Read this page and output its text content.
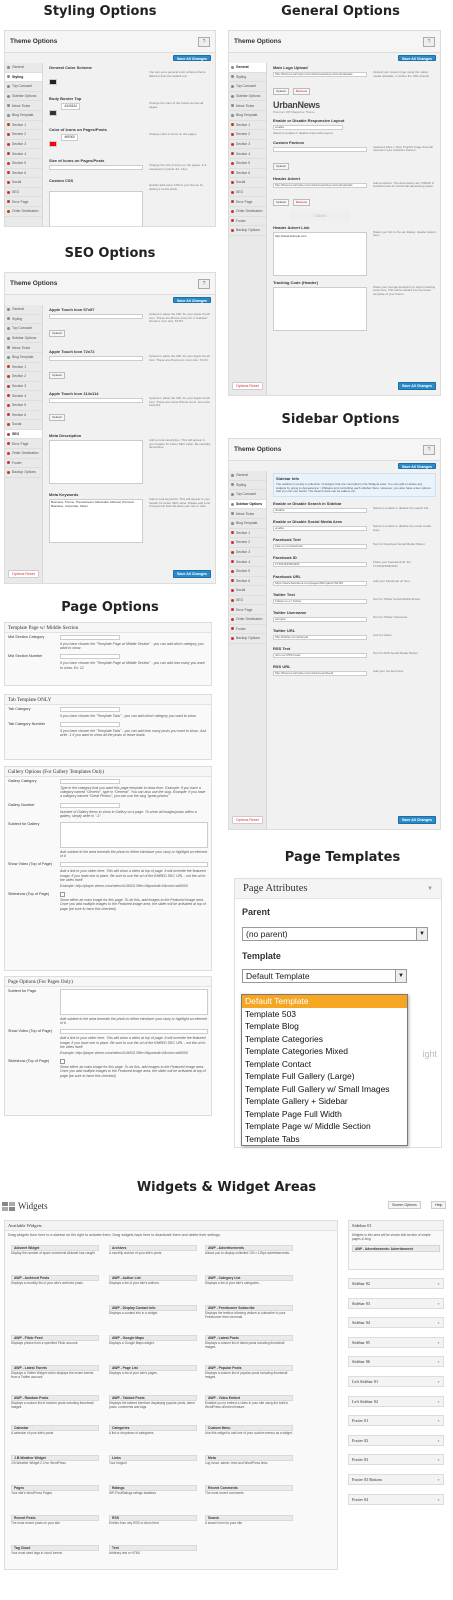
Styling Options	General Options
SEO Options
Sidebar Options
Page Options
Page Templates
Widgets & Widget Areas
Theme Options	?
Save All Changes
General
Styling
Top Carousel
Sidebar Options
News Ticker
Blog Template
Section 1
Section 2
Section 3
Section 4
Section 5
Section 6
Social
SEO
Error Page
Order Destination
General Color Scheme
You can set a general color scheme that is different than the default red.
Body Border Top
#343434
Change the color of the border across all pages.
Color of Icons on Pages/Posts
#ff0000
Change color of icons on the pages.
Size of Icons on Pages/Posts
Change the size of icons on the pages. It is measured in pixels. Ex: 12px
Custom CSS
Quickly add some CSS to your theme by adding it to this block.
Theme Options	?
Save All Changes
General
Styling
Top Carousel
Sidebar Options
News Ticker
Blog Template
Section 1
Section 2
Section 3
Section 4
Section 5
Section 6
Social
SEO
Error Page
Order Destination
Footer
Backup Options
Main Logo Upload
http://themes.strimple.com/urbannews/wp-content/uploads
Upload	Remove
UrbanNews
Premium WP Magazine Theme
Upload your custom logo using the native media uploader, or define the URL directly.
Enable or Disable Responsive Layout
enable
Select to enable or disable responsive layout.
Custom Favicon
Upload
Upload a 16px x 16px Png/Gif image that will represent your website's favicon.
Header Advert
http://themes.strimple.com/urbannews/wp-content/uploads
Upload	Remove
728x90
Add an Advert. The dimensions are 728x90. A standard size for horizontal advertising areas.
Header Advert Link
http://www.strimple.com
Paste your link to the ad display. Header advert here.
Tracking Code (Header)
Paste your Google Analytics (or other) tracking code here. This will be added into the footer template of your theme.
Options Reset	Save All Changes
Theme Options	?
Save All Changes
General
Styling
Top Carousel
Sidebar Options
News Ticker
Blog Template
Section 1
Section 2
Section 3
Section 4
Section 5
Section 6
Social
SEO
Error Page
Order Destination
Footer
Backup Options
Apple Touch Icon 57x57
Upload
Upload or paste the URL for your Apple Touch Icon. These are iPhone icons for a "website" shortcut. Icon size: 57x57.
Apple Touch Icon 72x72
Upload
Upload or paste the URL for your Apple Touch Icon. These are iPad icons. Icon size: 72x72.
Apple Touch Icon 114x114
Upload
Upload or paste the URL for your Apple Touch Icon. These are retina iPhone icons. Icon size: 114x114.
Meta Description
Add a meta description. This will appear in your header for better SEO value. Be carefully descriptive.
Meta Keywords
Business, Theme, ThemeForest, Minimalist, Minimal, Premium Business, Corporate, Clean
Add a meta keywords. This will appear in your header for better SEO value. Please add a list of keywords that will allow your site to rank.
Options Reset	Save All Changes
Theme Options	?
Save All Changes
General
Styling
Top Carousel
Sidebar Options
News Ticker
Blog Template
Section 1
Section 2
Section 3
Section 4
Section 5
Section 6
Social
SEO
Error Page
Order Destination
Footer
Backup Options
Sidebar Info
The sidebar is mostly a collection of widgets that are controlled in the Widgets area. You can add or delete any widgets by going to Appearance > Widgets and controlling each sidebar there. However, you also have a few options that you can use below. The Search area can be added, etc.
Enable or Disable Search in Sidebar
disable	Select to enable or disable the search bar.
Enable or Disable Social Media Area
enable	Select to enable or disable the social media area.
Facebook Text
Like us on Facebook	Text for Facebook Social Media Sharer.
Facebook ID
174321153004231	Paste your Facebook ID. Ex: 174321153004231
Facebook URL
https://www.facebook.com/pages/Strimple/1742115	Add your Facebook url here.
Twitter Text
Follow us on Twitter	Text for Twitter Social Media Sharer.
Twitter Username
strimple	Text for Twitter Username.
Twitter URL
http://twitter.com/strimple	Link for twitter.
RSS Text
Join our RSS Feed	Text for RSS Social Media Sharer.
RSS URL
http://themes.strimple.com/urbannews/feed/	Add your rss feed here.
Options Reset	Save All Changes
Template Page w/ Middle Section
Mid Section Category
If you have chosen the "Template Page w/ Middle Section" - you can add which category you want to show.
Mid Section Number
If you have chosen the "Template Page w/ Middle Section" - you can add how many you want to show. Ex: 12
Tab Template ONLY
Tab Category
If you have chosen the "Template Tabs" - you can add which category you want to show.
Tab Category Number
If you have chosen the "Template Tabs" - you can add how many posts you want to show. Just write -1 if you want to show all the posts or leave blank.
Gallery Options (For Gallery Templates Only)
Gallery Category
Type in the category that you want this page template to draw from. Example: If you have a category named "Generic", type in "General". You can also use the slug. Example: If you have a category named "Great Photos", you can use the slug "great-photos"
Gallery Number
Number of Gallery items to show in Gallery on a page. To show all images/posts within a gallery, simply write in "-1".
Subtext for Gallery
Add subtext to the area beneath the photo to either introduce your story or highlight an element of it.
Show Video (Top of Page)
Add a link to your video here. This will show a video at top of page. It will override the featured image, if you have one in place. Be sure to use the url of the EMBED SRC URL - not the url to the video itself.
Example: http://player.vimeo.com/video/41465317title=0&portrait=0&color=dd0000
Slideshow (Top of Page)
Show either an main image for this page. To do this, add images to the Featured Image area. Once you add multiple images to the Featured image area, the slider will be activated at top of page (be sure to have this checked).
Page Options (For Pages Only)
Subtext for Page
Add subtext to the area beneath the photo to either introduce your story or highlight an element of it.
Show Video (Top of Page)
Add a link to your video here. This will show a video at top of page. It will override the featured image, if you have one in place. Be sure to use the url of the EMBED SRC URL - not the url to the video itself.
Example: http://player.vimeo.com/video/41465317title=0&portrait=0&color=dd0000
Slideshow (Top of Page)
Show either an main image for this page. To do this, add images to the Featured Image area. Once you add multiple images to the Featured image area, the slider will be activated at top of page (be sure to have this checked).
Page Attributes	▼
Parent
(no parent)	▼
Template
Default Template	▼
ight
Default Template
Template 503
Template Blog
Template Categories
Template Categories Mixed
Template Contact
Template Full Gallery (Large)
Template Full Gallery w/ Small Images
Template Gallery + Sidebar
Template Page Full Width
Template Page w/ Middle Section
Template Tabs
Widgets	Screen Options	Help
Available Widgets
Drag widgets from here to a sidebar on the right to activate them. Drag widgets back here to deactivate them and delete their settings.
Akismet Widget
Display the number of spam comments Akismet has caught
Archives
A monthly archive of your site's posts
AWP - Advertisements
Allows you to display unlimited 125 x 125px advertisements.
AWP - Archived Posts
Displays a monthly list of your site's archived posts.
AWP - Author List
Displays a list of your site's authors.
AWP - Category List
Displays a list of your site's categories.
AWP - Display Contact Info
Displays a contact info in a widget.
AWP - Feedburner Subscribe
Displays the textbox allowing visitors to subscribe to your Feedburner feed via email.
AWP - Flickr Feed
Displays photos from a specified Flickr account.
AWP - Google Maps
Displays a Google Maps widget.
AWP - Latest Posts
Displays a custom list of latest posts including thumbnail images.
AWP - Latest Tweets
Displays a Twitter Widget which displays the recent tweets from a Twitter account.
AWP - Page List
Displays a list of your site's pages.
AWP - Popular Posts
Displays a custom list of popular posts including thumbnail images.
AWP - Random Posts
Displays a custom list of random posts including thumbnail images.
AWP - Tabbed Posts
Displays the tabbed interface displaying popular posts, latest posts, comments and tags.
AWP - Video Embed
Enables you to embed a video in your site using the built in WordPress oEmbed feature.
Calendar
A calendar of your site's posts
Categories
A list or dropdown of categories
Custom Menu
Use this widget to add one of your custom menus as a widget.
J.B.Weather Widget
J.B.Weather Widget 2.0 for WordPress
Links
Your blogroll
Meta
Log in/out, admin, feed and WordPress links
Pages
Your site's WordPress Pages
Ratings
WP-PostRatings ratings statistics
Recent Comments
The most recent comments
Recent Posts
The most recent posts on your site
RSS
Entries from any RSS or Atom feed
Search
A search form for your site
Tag Cloud
Your most used tags in cloud format
Text
Arbitrary text or HTML
Sidebar 01
Widgets in this area will be shown that section of simple pages & blog.
AWP - Advertisements: Advertisement
Sidebar 02	▼
Sidebar 03	▼
Sidebar 04	▼
Sidebar 05	▼
Sidebar 06	▼
Left Sidebar 01	▼
Left Sidebar 02	▼
Footer 01	▼
Footer 02	▼
Footer 03	▼
Footer 03 Bottom	▼
Footer 04	▼
